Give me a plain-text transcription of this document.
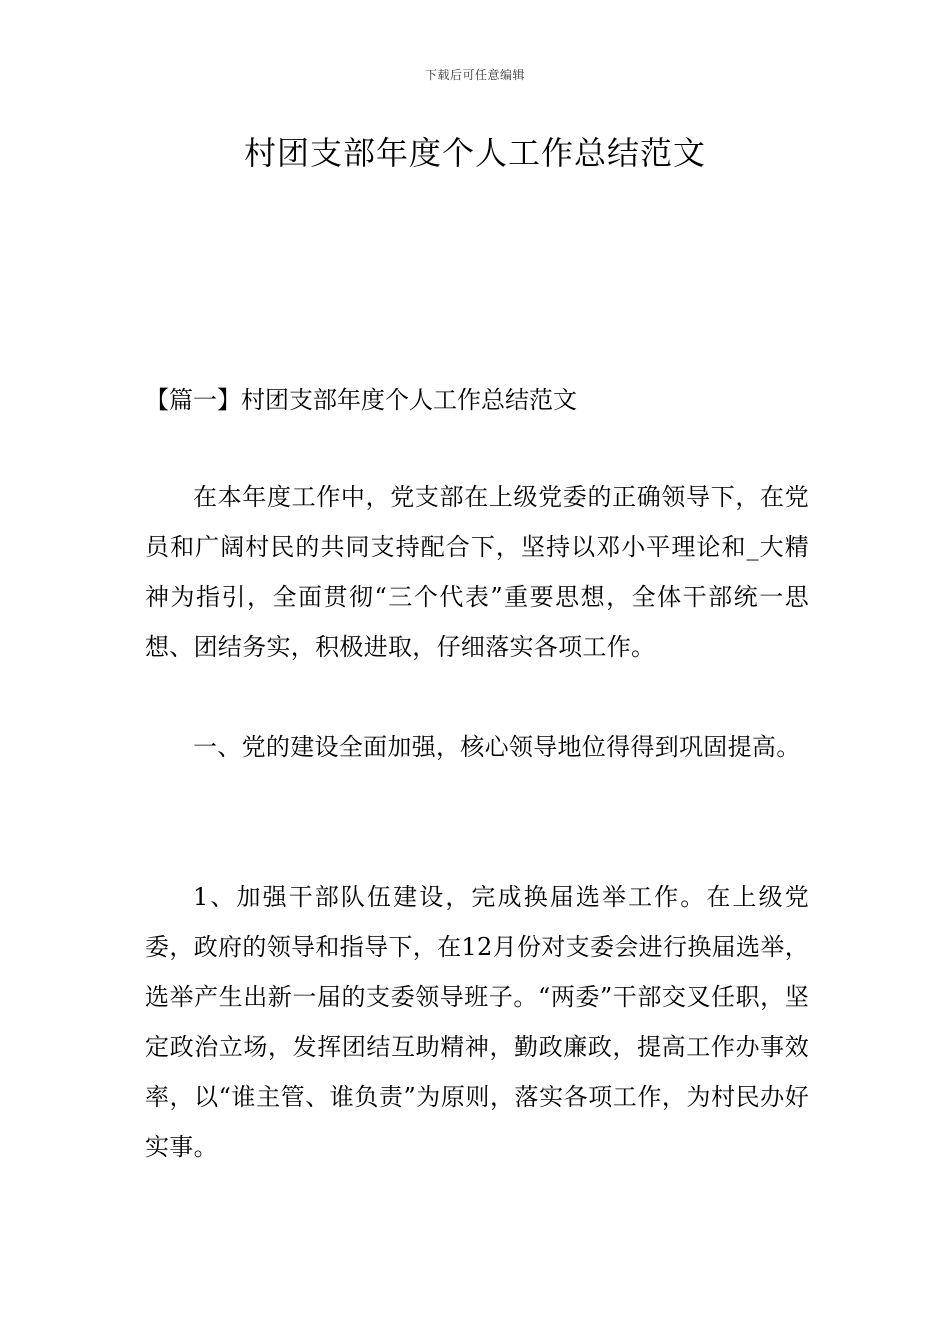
下载后可任意编辑
村团支部年度个人工作总结范文
【篇一】村团支部年度个人工作总结范文

在本年度工作中，党支部在上级党委的正确领导下，在党员和广阔村民的共同支持配合下，坚持以邓小平理论和_大精神为指引，全面贯彻“三个代表”重要思想，全体干部统一思想、团结务实，积极进取，仔细落实各项工作。

一、党的建设全面加强，核心领导地位得得到巩固提高。

1、加强干部队伍建设，完成换届选举工作。在上级党委，政府的领导和指导下，在12月份对支委会进行换届选举，选举产生出新一届的支委领导班子。“两委”干部交叉任职，坚定政治立场，发挥团结互助精神，勤政廉政，提高工作办事效率，以“谁主管、谁负责”为原则，落实各项工作，为村民办好实事。
